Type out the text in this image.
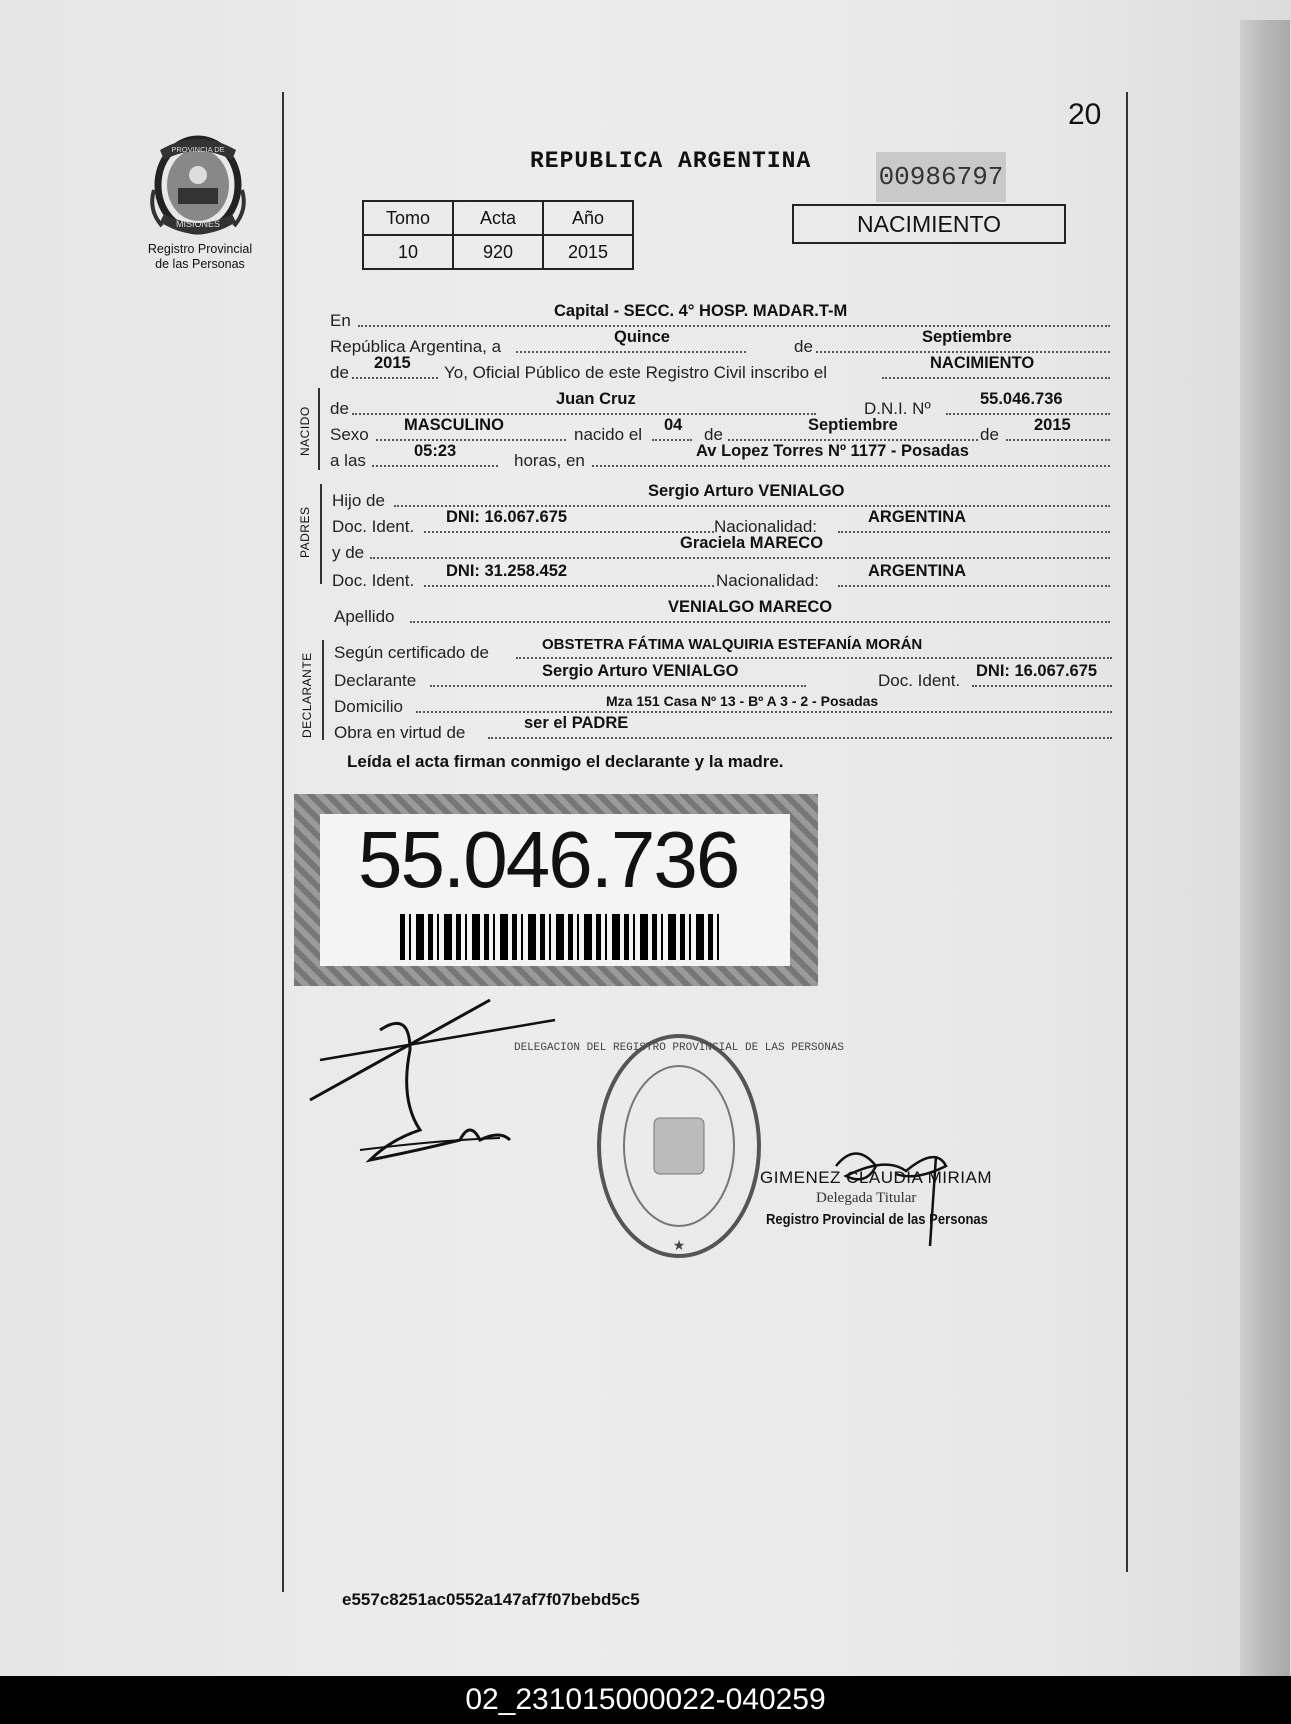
20
PROVINCIA DE
MISIONES
Registro Provincial
de las Personas
REPUBLICA ARGENTINA
00986797
Tomo	Acta	Año
10	920	2015
NACIMIENTO
En	Capital - SECC. 4° HOSP. MADAR.T-M
República Argentina, a	Quince	de	Septiembre
de 2015 Yo, Oficial Público de este Registro Civil inscribo el	NACIMIENTO
NACIDO de	Juan Cruz	D.N.I. Nº	55.046.736
Sexo MASCULINO	nacido el 04 de	Septiembre	de 2015
a las	05:23	horas, en	Av Lopez Torres Nº 1177 - Posadas
PADRES
Hijo de	Sergio Arturo VENIALGO
Doc. Ident. DNI: 16.067.675	Nacionalidad:	ARGENTINA
y de	Graciela MARECO
Doc. Ident. DNI: 31.258.452	Nacionalidad:	ARGENTINA
Apellido	VENIALGO MARECO
DECLARANTE Según certificado de	OBSTETRA FÁTIMA WALQUIRIA ESTEFANÍA MORÁN
Declarante	Sergio Arturo VENIALGO	Doc. Ident. DNI: 16.067.675
Domicilio	Mza 151 Casa Nº 13 - Bº A 3 - 2 - Posadas
Obra en virtud de	ser el PADRE
Leída el acta firman conmigo el declarante y la madre.
55.046.736
DELEGACION DEL REGISTRO PROVINCIAL DE LAS PERSONAS
★
GIMENEZ CLAUDIA MIRIAM
Delegada Titular
Registro Provincial de las Personas
e557c8251ac0552a147af7f07bebd5c5
02_231015000022-040259
